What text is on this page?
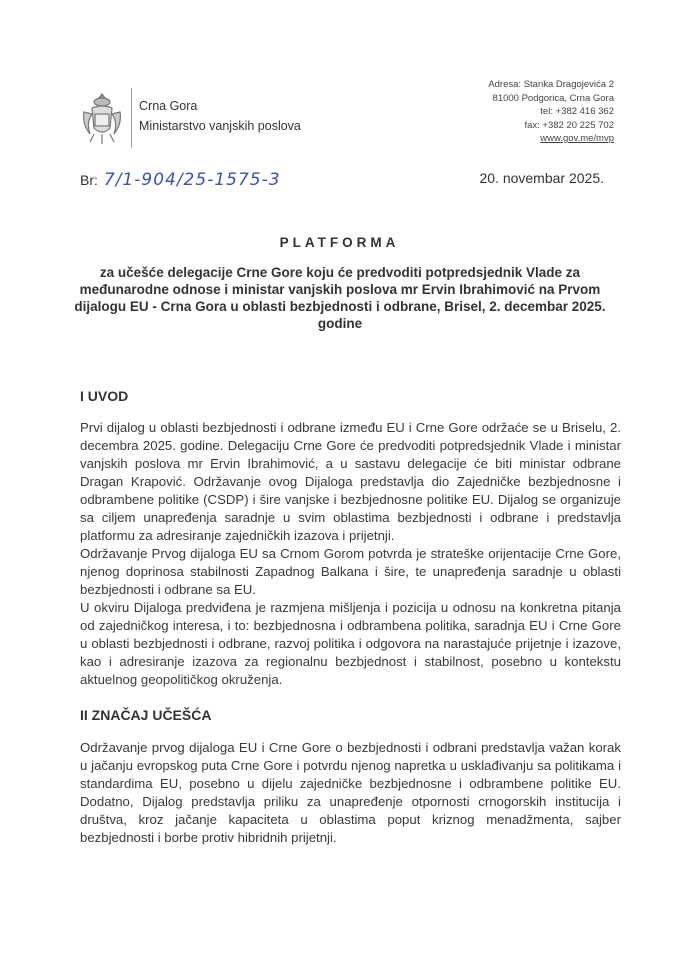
Crna Gora
Ministarstvo vanjskih poslova
Adresa: Stanka Dragojevića 2
81000 Podgorica, Crna Gora
tel: +382 416 362
fax: +382 20 225 702
www.gov.me/mvp
Br: 7/1-904/25-1575-3	20. novembar 2025.
PLATFORMA
za učešće delegacije Crne Gore koju će predvoditi potpredsjednik Vlade za međunarodne odnose i ministar vanjskih poslova mr Ervin Ibrahimović na Prvom dijalogu EU - Crna Gora u oblasti bezbjednosti i odbrane, Brisel, 2. decembar 2025. godine
I UVOD
Prvi dijalog u oblasti bezbjednosti i odbrane između EU i Crne Gore održaće se u Briselu, 2. decembra 2025. godine. Delegaciju Crne Gore će predvoditi potpredsjednik Vlade i ministar vanjskih poslova mr Ervin Ibrahimović, a u sastavu delegacije će biti ministar odbrane Dragan Krapović. Održavanje ovog Dijaloga predstavlja dio Zajedničke bezbjednosne i odbrambene politike (CSDP) i šire vanjske i bezbjednosne politike EU. Dijalog se organizuje sa ciljem unapređenja saradnje u svim oblastima bezbjednosti i odbrane i predstavlja platformu za adresiranje zajedničkih izazova i prijetnji.
Održavanje Prvog dijaloga EU sa Crnom Gorom potvrda je strateške orijentacije Crne Gore, njenog doprinosa stabilnosti Zapadnog Balkana i šire, te unapređenja saradnje u oblasti bezbjednosti i odbrane sa EU.
U okviru Dijaloga predviđena je razmjena mišljenja i pozicija u odnosu na konkretna pitanja od zajedničkog interesa, i to: bezbjednosna i odbrambena politika, saradnja EU i Crne Gore u oblasti bezbjednosti i odbrane, razvoj politika i odgovora na narastajuće prijetnje i izazove, kao i adresiranje izazova za regionalnu bezbjednost i stabilnost, posebno u kontekstu aktuelnog geopolitičkog okruženja.
II ZNAČAJ UČEŠĆA
Održavanje prvog dijaloga EU i Crne Gore o bezbjednosti i odbrani predstavlja važan korak u jačanju evropskog puta Crne Gore i potvrdu njenog napretka u usklađivanju sa politikama i standardima EU, posebno u dijelu zajedničke bezbjednosne i odbrambene politike EU. Dodatno, Dijalog predstavlja priliku za unapređenje otpornosti crnogorskih institucija i društva, kroz jačanje kapaciteta u oblastima poput kriznog menadžmenta, sajber bezbjednosti i borbe protiv hibridnih prijetnji.
